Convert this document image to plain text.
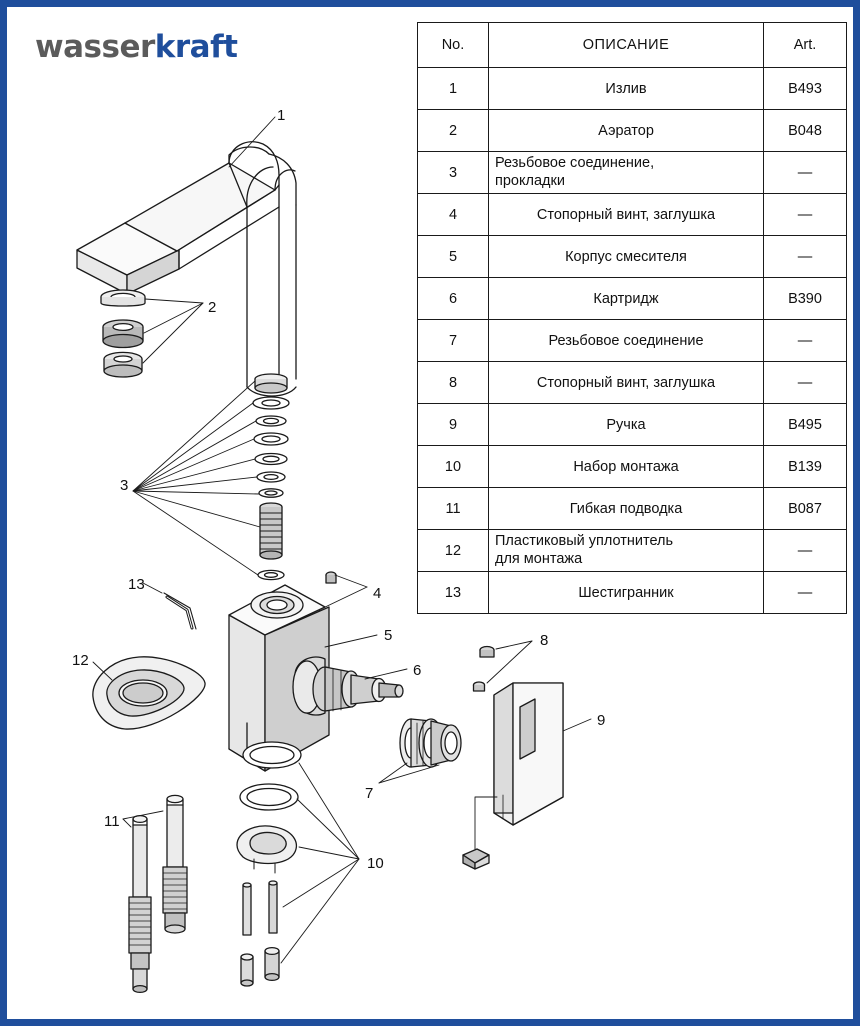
wasserkraft	No.	ОПИСАНИЕ	Art.
1	Излив	B493
2	Аэратор	B048
3	Резьбовое соединение,
прокладки	—
4	Стопорный винт, заглушка	—
5	Корпус смесителя	—
6	Картридж	B390
7	Резьбовое соединение	—
8	Стопорный винт, заглушка	—
9	Ручка	B495
10	Набор монтажа	B139
11	Гибкая подводка	B087
12	Пластиковый уплотнитель
для монтажа	—
13	Шестигранник	—
1
2
3
4
5
6
7
8
9
10
11
12
13
